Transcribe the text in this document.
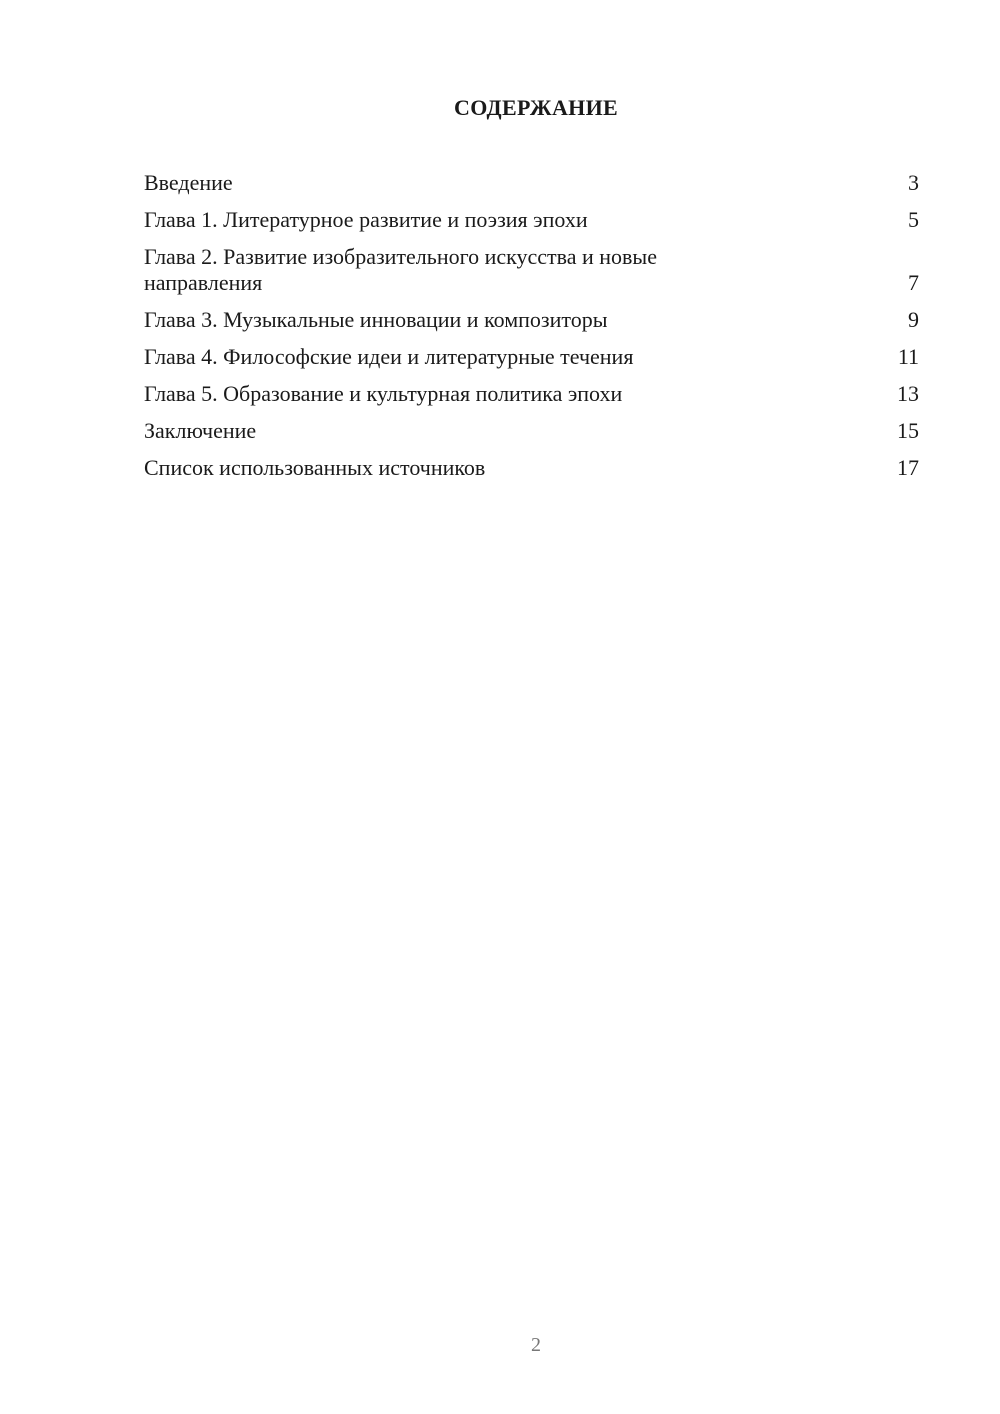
СОДЕРЖАНИЕ
Введение	3
Глава 1. Литературное развитие и поэзия эпохи	5
Глава 2. Развитие изобразительного искусства и новые направления	7
Глава 3. Музыкальные инновации и композиторы	9
Глава 4. Философские идеи и литературные течения	11
Глава 5. Образование и культурная политика эпохи	13
Заключение	15
Список использованных источников	17
2
